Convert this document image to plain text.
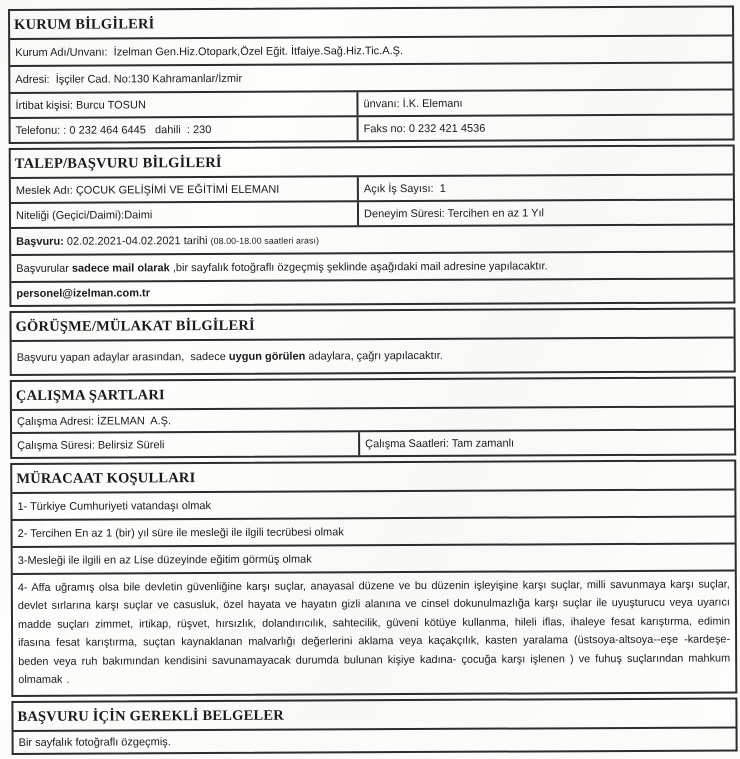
KURUM BİLGİLERİ
Kurum Adı/Unvanı:  İzelman Gen.Hiz.Otopark,Özel Eğit. İtfaiye.Sağ.Hiz.Tic.A.Ş.
Adresi:  İşçiler Cad. No:130 Kahramanlar/İzmir
İrtibat kişisi: Burcu TOSUN	ünvanı: İ.K. Elemanı
Telefonu: : 0 232 464 6445   dahili  : 230	Faks no: 0 232 421 4536
TALEP/BAŞVURU BİLGİLERİ
Meslek Adı: ÇOCUK GELİŞİMİ VE EĞİTİMİ ELEMANI	Açık İş Sayısı:  1
Niteliği (Geçici/Daimi):Daimi	Deneyim Süresi: Tercihen en az 1 Yıl
Başvuru: 02.02.2021-04.02.2021 tarihi (08.00-18.00 saatleri arası)
Başvurular sadece mail olarak ,bir sayfalık fotoğraflı özgeçmiş şeklinde aşağıdaki mail adresine yapılacaktır.
personel@izelman.com.tr
GÖRÜŞME/MÜLAKAT BİLGİLERİ
Başvuru yapan adaylar arasından,  sadece uygun görülen adaylara, çağrı yapılacaktır.
ÇALIŞMA ŞARTLARI
Çalışma Adresi: İZELMAN  A.Ş.
Çalışma Süresi: Belirsiz Süreli	Çalışma Saatleri: Tam zamanlı
MÜRACAAT KOŞULLARI
1- Türkiye Cumhuriyeti vatandaşı olmak
2- Tercihen En az 1 (bir) yıl süre ile mesleği ile ilgili tecrübesi olmak
3-Mesleği ile ilgili en az Lise düzeyinde eğitim görmüş olmak
4- Affa uğramış olsa bile devletin güvenliğine karşı suçlar, anayasal düzene ve bu düzenin işleyişine karşı suçlar, milli savunmaya karşı suçlar, devlet sırlarına karşı suçlar ve casusluk, özel hayata ve hayatın gizli alanına ve cinsel dokunulmazlığa karşı suçlar ile uyuşturucu veya uyarıcı madde suçları zimmet, irtikap, rüşvet, hırsızlık, dolandırıcılık, sahtecilik, güveni kötüye kullanma, hileli iflas, ihaleye fesat karıştırma, edimin ifasına fesat karıştırma, suçtan kaynaklanan malvarlığı değerlerini aklama veya kaçakçılık, kasten yaralama (üstsoya-altsoya--eşe -kardeşe- beden veya ruh bakımından kendisini savunamayacak durumda bulunan kişiye kadına- çocuğa karşı işlenen ) ve fuhuş suçlarından mahkum olmamak .
BAŞVURU İÇİN GEREKLİ BELGELER
Bir sayfalık fotoğraflı özgeçmiş.
